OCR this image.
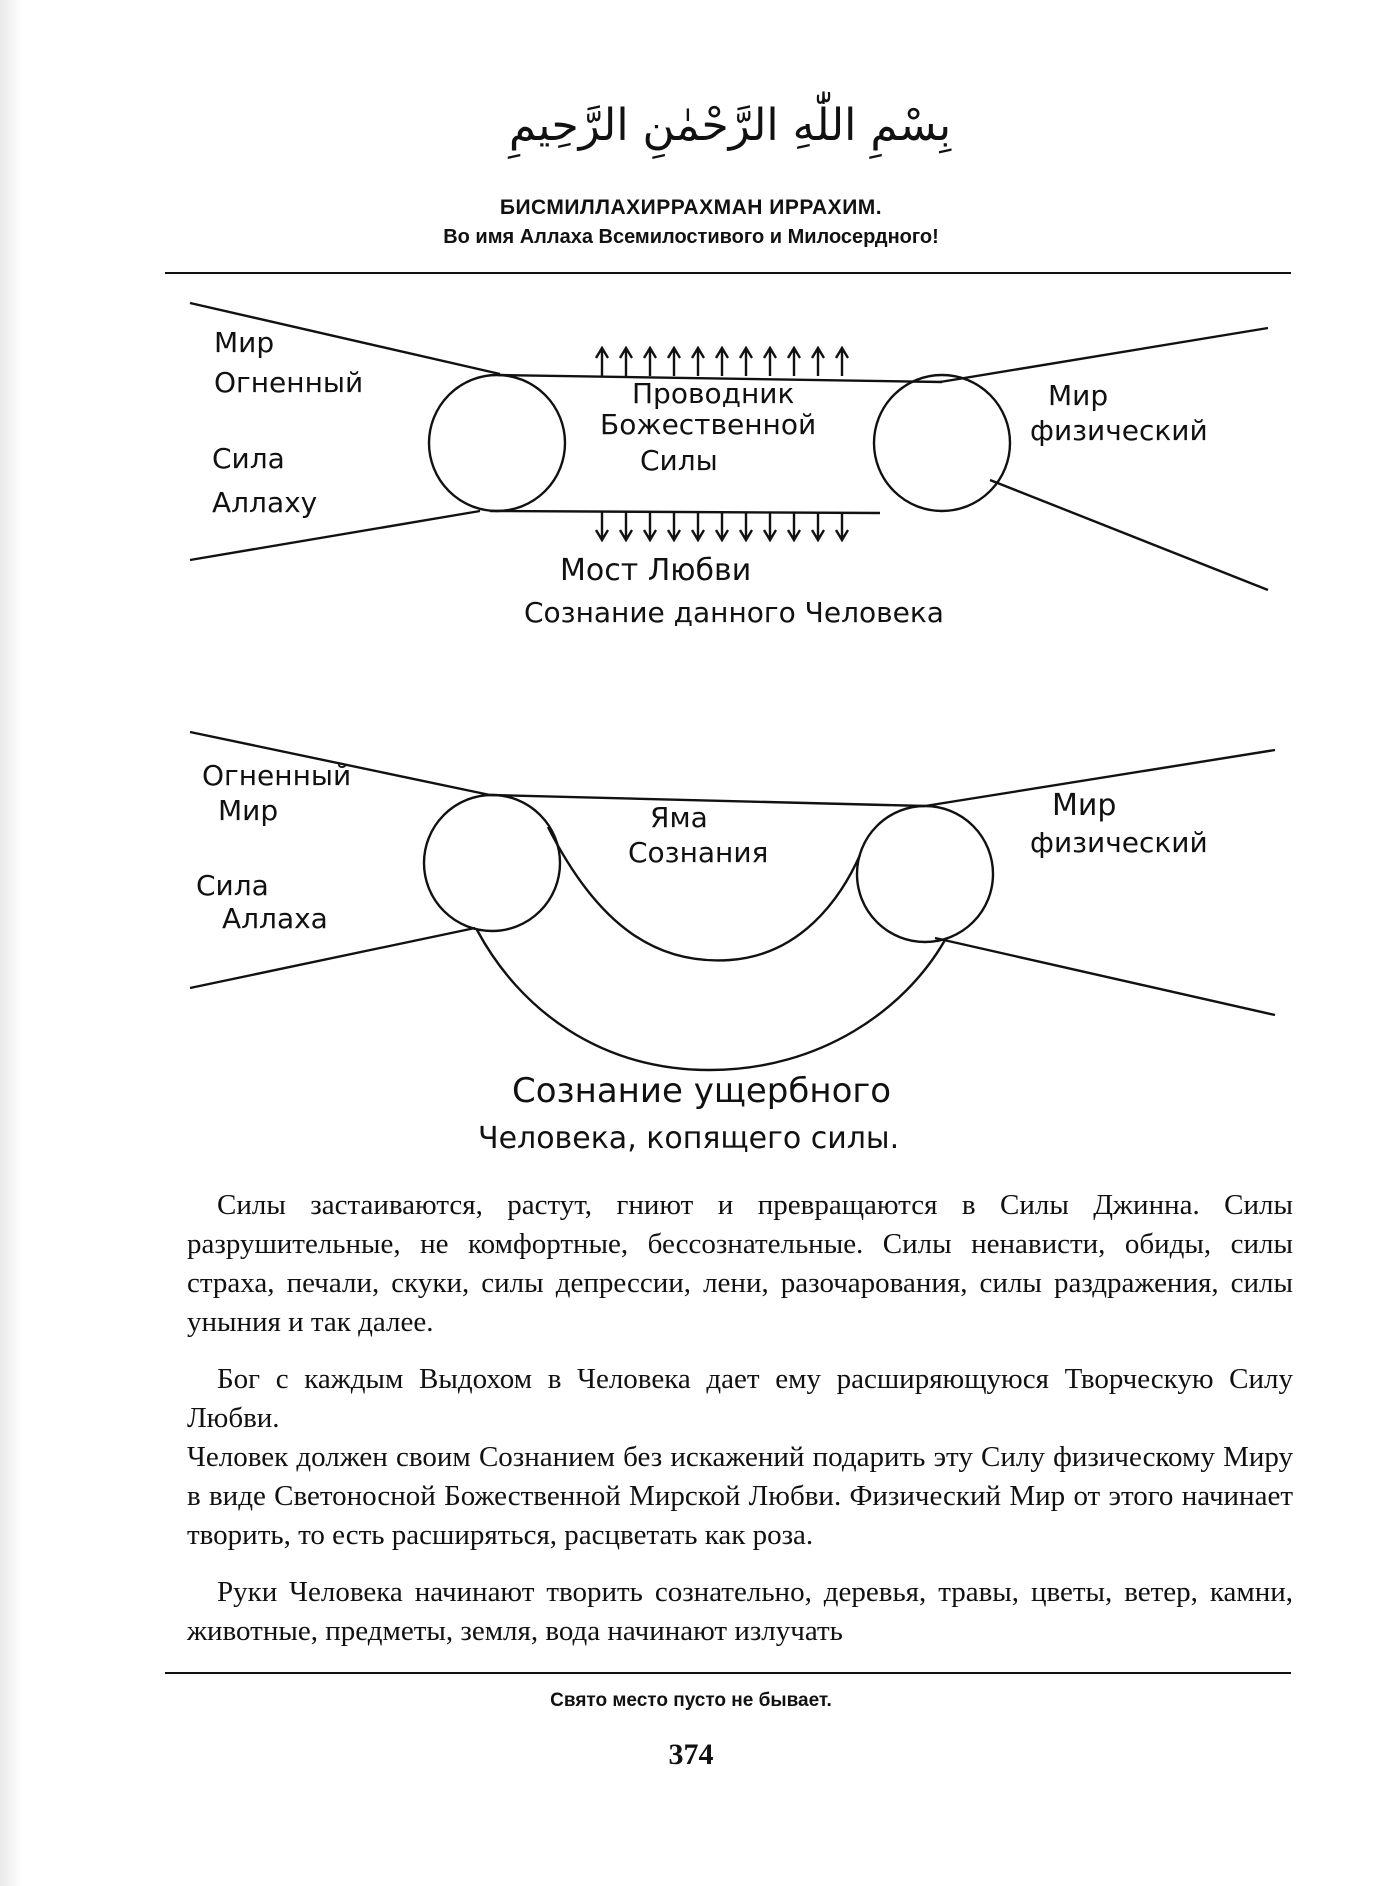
بِسْمِ اللّٰهِ الرَّحْمٰنِ الرَّحِيمِ
БИСМИЛЛАХИРРАХМАН ИРРАХИМ.
Во имя Аллаха Всемилостивого и Милосердного!
Мир
Огненный
Сила
Аллаху
Проводник
Божественной
Силы
Мир
физический
Мост Любви
Сознание данного Человека
Огненный
Мир
Сила
Аллаха
Яма
Сознания
Мир
физический
Сознание ущербного
Человека, копящего силы.

Силы застаиваются, растут, гниют и превращаются в Силы Джинна. Силы разрушительные, не комфортные, бессознательные. Силы ненависти, обиды, силы страха, печали, скуки, силы депрессии, лени, разочарования, силы раздражения, силы уныния и так далее.

Бог с каждым Выдохом в Человека дает ему расширяющуюся Творческую Силу Любви.

Человек должен своим Сознанием без искажений подарить эту Силу физическому Миру в виде Светоносной Божественной Мирской Любви. Физический Мир от этого начинает творить, то есть расширяться, расцветать как роза.

Руки Человека начинают творить сознательно, деревья, травы, цветы, ветер, камни, животные, предметы, земля, вода начинают излучать

Свято место пусто не бывает.
374
